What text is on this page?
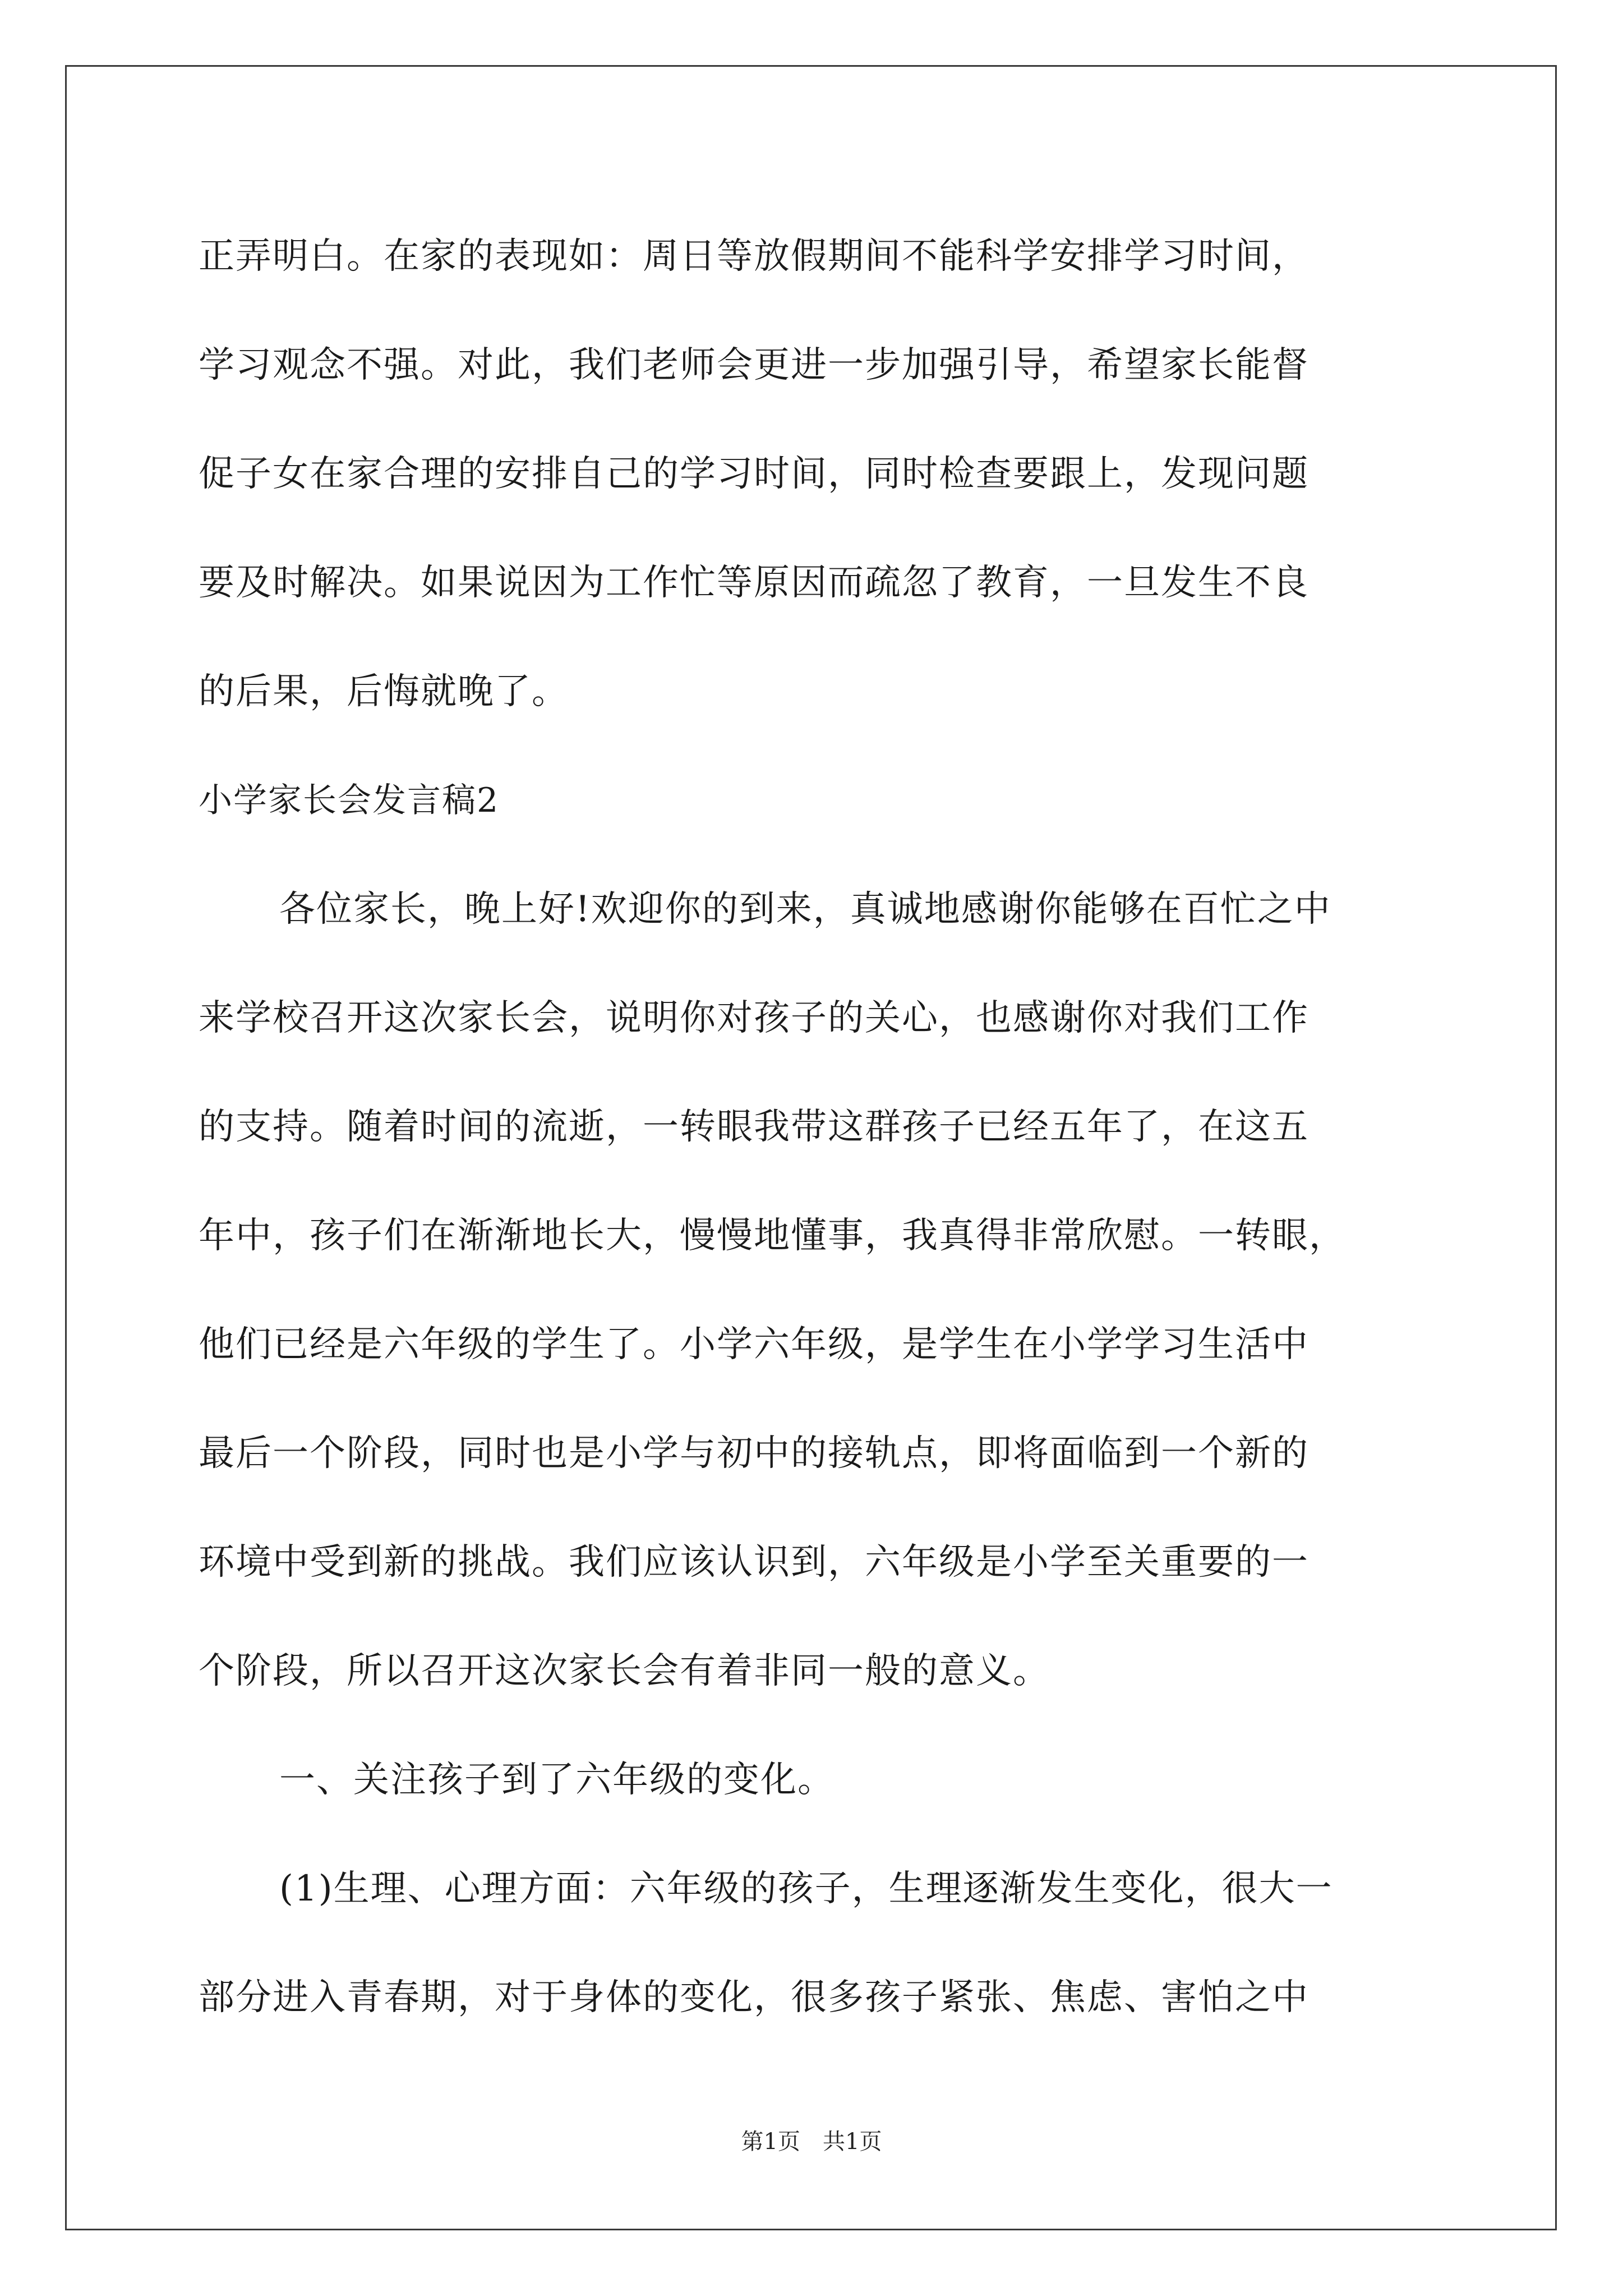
正弄明白。在家的表现如：周日等放假期间不能科学安排学习时间，
学习观念不强。对此，我们老师会更进一步加强引导，希望家长能督
促子女在家合理的安排自己的学习时间，同时检查要跟上，发现问题
要及时解决。如果说因为工作忙等原因而疏忽了教育，一旦发生不良
的后果，后悔就晚了。
小学家长会发言稿2
各位家长，晚上好!欢迎你的到来，真诚地感谢你能够在百忙之中
来学校召开这次家长会，说明你对孩子的关心，也感谢你对我们工作
的支持。随着时间的流逝，一转眼我带这群孩子已经五年了，在这五
年中，孩子们在渐渐地长大，慢慢地懂事，我真得非常欣慰。一转眼，
他们已经是六年级的学生了。小学六年级，是学生在小学学习生活中
最后一个阶段，同时也是小学与初中的接轨点，即将面临到一个新的
环境中受到新的挑战。我们应该认识到，六年级是小学至关重要的一
个阶段，所以召开这次家长会有着非同一般的意义。
一、关注孩子到了六年级的变化。
(1)生理、心理方面：六年级的孩子，生理逐渐发生变化，很大一
部分进入青春期，对于身体的变化，很多孩子紧张、焦虑、害怕之中
第1页　共1页
